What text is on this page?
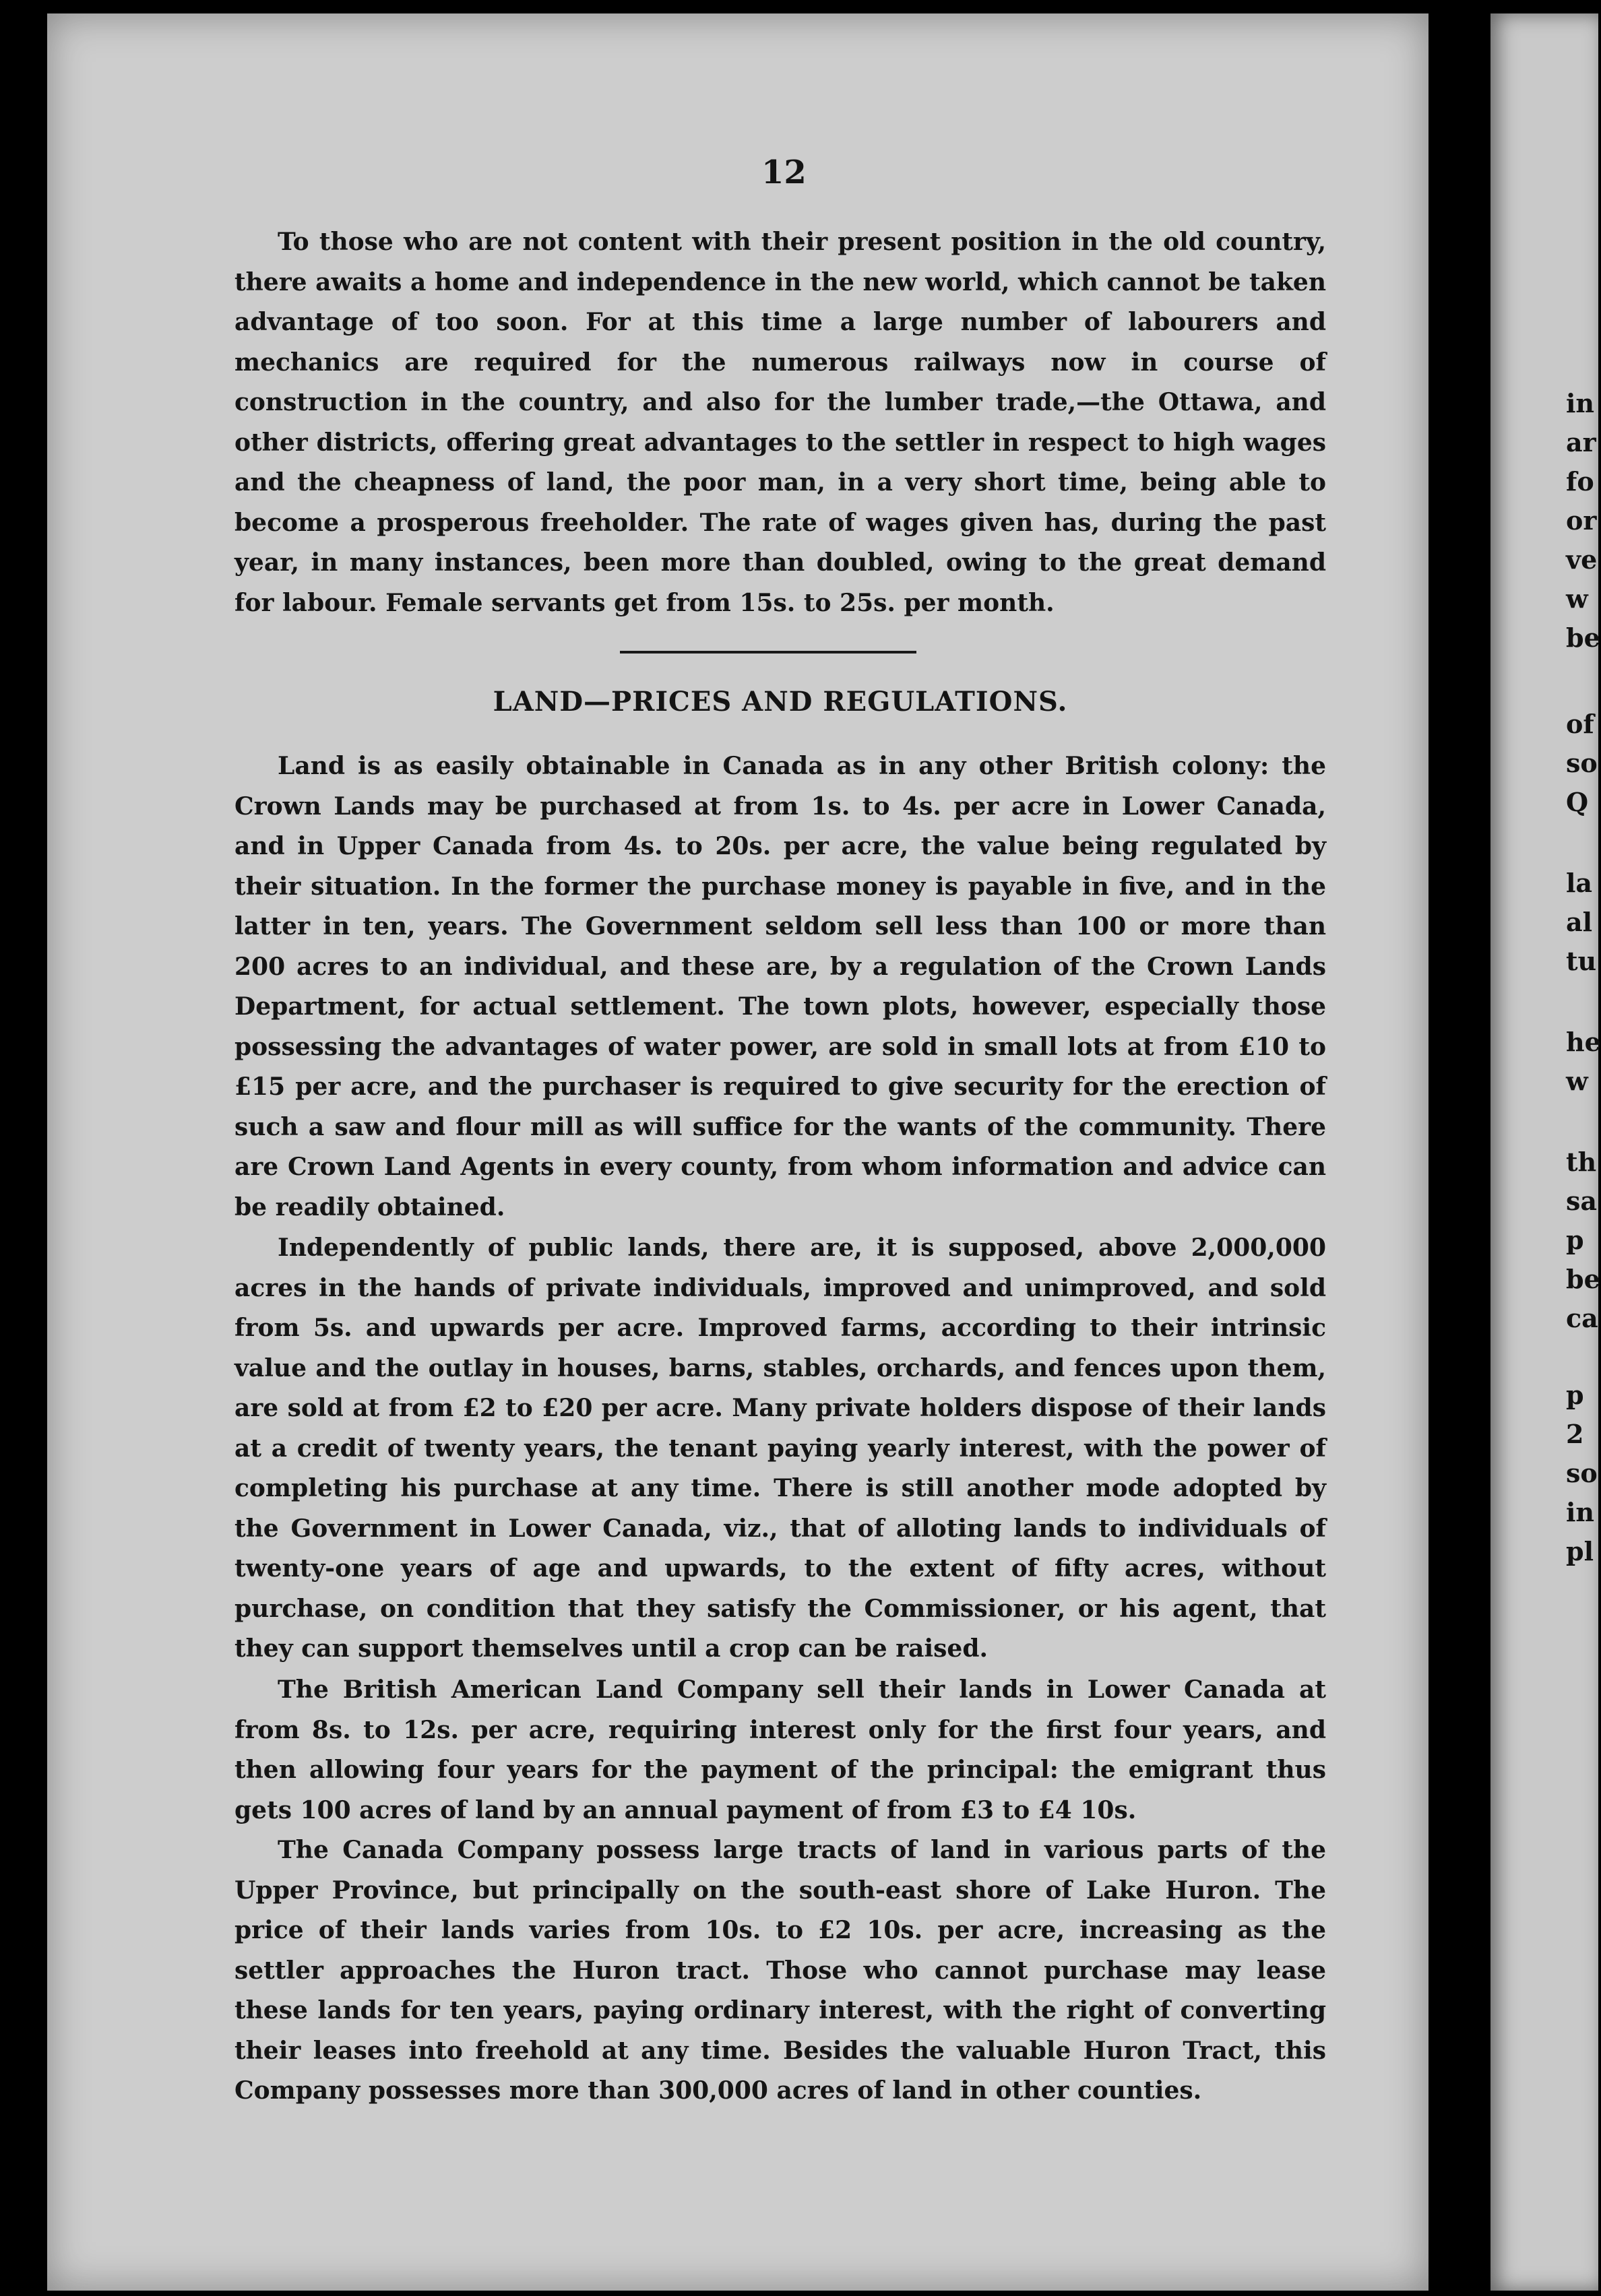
12

To those who are not content with their present position in the old country, there awaits a home and independence in the new world, which cannot be taken advantage of too soon. For at this time a large number of labourers and mechanics are required for the numerous railways now in course of construction in the country, and also for the lumber trade,—the Ottawa, and other districts, offering great advantages to the settler in respect to high wages and the cheapness of land, the poor man, in a very short time, being able to become a prosperous freeholder. The rate of wages given has, during the past year, in many instances, been more than doubled, owing to the great demand for labour. Female servants get from 15s. to 25s. per month.

LAND—PRICES AND REGULATIONS.

Land is as easily obtainable in Canada as in any other British colony: the Crown Lands may be purchased at from 1s. to 4s. per acre in Lower Canada, and in Upper Canada from 4s. to 20s. per acre, the value being regulated by their situation. In the former the purchase money is payable in five, and in the latter in ten, years. The Government seldom sell less than 100 or more than 200 acres to an individual, and these are, by a regulation of the Crown Lands Department, for actual settlement. The town plots, however, especially those possessing the advantages of water power, are sold in small lots at from £10 to £15 per acre, and the purchaser is required to give security for the erection of such a saw and flour mill as will suffice for the wants of the community. There are Crown Land Agents in every county, from whom information and advice can be readily obtained.

Independently of public lands, there are, it is supposed, above 2,000,000 acres in the hands of private individuals, improved and unimproved, and sold from 5s. and upwards per acre. Improved farms, according to their intrinsic value and the outlay in houses, barns, stables, orchards, and fences upon them, are sold at from £2 to £20 per acre. Many private holders dispose of their lands at a credit of twenty years, the tenant paying yearly interest, with the power of completing his purchase at any time. There is still another mode adopted by the Government in Lower Canada, viz., that of alloting lands to individuals of twenty-one years of age and upwards, to the extent of fifty acres, without purchase, on condition that they satisfy the Commissioner, or his agent, that they can support themselves until a crop can be raised.

The British American Land Company sell their lands in Lower Canada at from 8s. to 12s. per acre, requiring interest only for the first four years, and then allowing four years for the payment of the principal: the emigrant thus gets 100 acres of land by an annual payment of from £3 to £4 10s.

The Canada Company possess large tracts of land in various parts of the Upper Province, but principally on the south-east shore of Lake Huron. The price of their lands varies from 10s. to £2 10s. per acre, increasing as the settler approaches the Huron tract. Those who cannot purchase may lease these lands for ten years, paying ordinary interest, with the right of converting their leases into freehold at any time. Besides the valuable Huron Tract, this Company possesses more than 300,000 acres of land in other counties.

in
ar
fo
or
ve
w
be
of
so
Q
la
al
tu
he
w
th
sa
p
be
ca
p
2
so
in
pl
